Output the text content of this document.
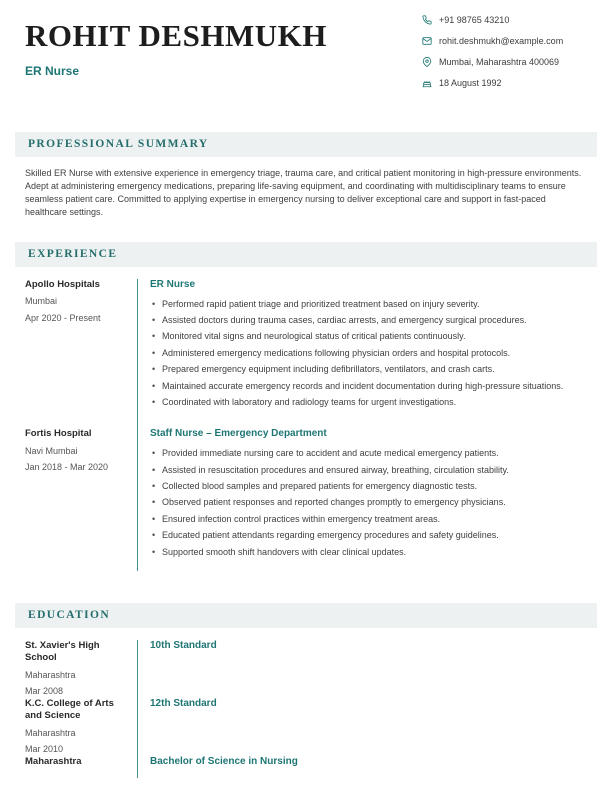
ROHIT DESHMUKH
ER Nurse
+91 98765 43210
rohit.deshmukh@example.com
Mumbai, Maharashtra 400069
18 August 1992
PROFESSIONAL SUMMARY

Skilled ER Nurse with extensive experience in emergency triage, trauma care, and critical patient monitoring in high-pressure environments. Adept at administering emergency medications, preparing life-saving equipment, and coordinating with multidisciplinary teams to ensure seamless patient care. Committed to applying expertise in emergency nursing to deliver exceptional care and support in fast-paced healthcare settings.

EXPERIENCE
Apollo Hospitals
Mumbai
Apr 2020 - Present
ER Nurse
• Performed rapid patient triage and prioritized treatment based on injury severity.
• Assisted doctors during trauma cases, cardiac arrests, and emergency surgical procedures.
• Monitored vital signs and neurological status of critical patients continuously.
• Administered emergency medications following physician orders and hospital protocols.
• Prepared emergency equipment including defibrillators, ventilators, and crash carts.
• Maintained accurate emergency records and incident documentation during high-pressure situations.
• Coordinated with laboratory and radiology teams for urgent investigations.
Fortis Hospital
Navi Mumbai
Jan 2018 - Mar 2020
Staff Nurse – Emergency Department
• Provided immediate nursing care to accident and acute medical emergency patients.
• Assisted in resuscitation procedures and ensured airway, breathing, circulation stability.
• Collected blood samples and prepared patients for emergency diagnostic tests.
• Observed patient responses and reported changes promptly to emergency physicians.
• Ensured infection control practices within emergency treatment areas.
• Educated patient attendants regarding emergency procedures and safety guidelines.
• Supported smooth shift handovers with clear clinical updates.
EDUCATION
St. Xavier's High School
Maharashtra
Mar 2008
10th Standard
K.C. College of Arts and Science
Maharashtra
Mar 2010
12th Standard
Maharashtra	Bachelor of Science in Nursing
